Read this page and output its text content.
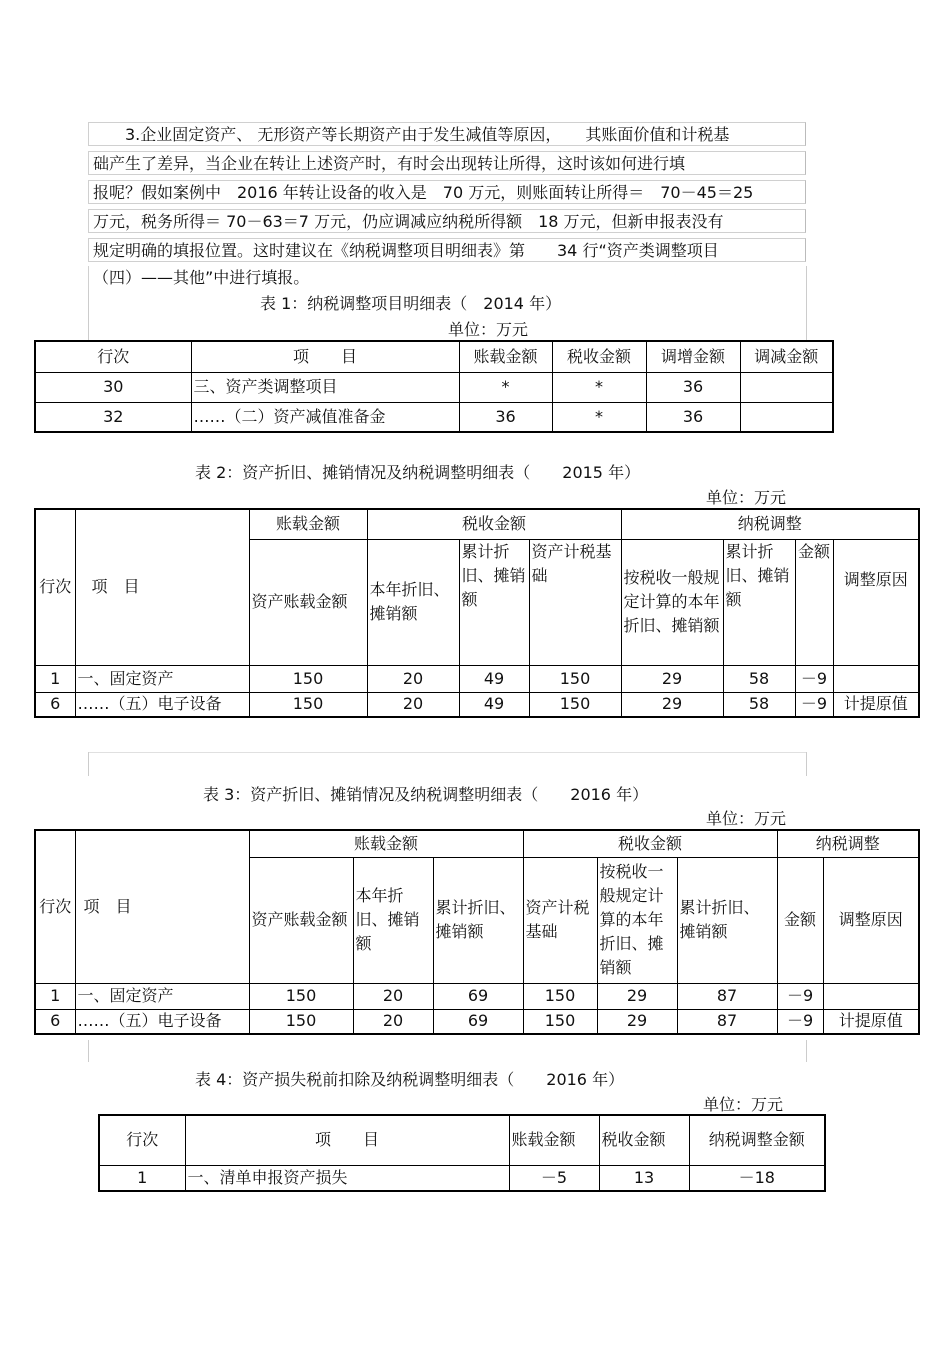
　　3.企业固定资产、 无形资产等长期资产由于发生减值等原因，　　其账面价值和计税基
础产生了差异，当企业在转让上述资产时，有时会出现转让所得，这时该如何进行填
报呢？假如案例中　2016 年转让设备的收入是　70 万元，则账面转让所得＝　70－45＝25
万元，税务所得＝ 70－63＝7 万元，仍应调减应纳税所得额　18 万元，但新申报表没有
规定明确的填报位置。这时建议在《纳税调整项目明细表》第　　34 行“资产类调整项目
（四）——其他”中进行填报。
表 1：纳税调整项目明细表（　2014 年）
单位：万元
行次	项　　目	账载金额	税收金额	调增金额	调减金额
30	三、资产类调整项目	*	*	36	
32	……（二）资产减值准备金	36	*	36	
表 2：资产折旧、摊销情况及纳税调整明细表（　　2015 年）
单位：万元
行次	项　目	账载金额	税收金额			纳税调整			
		资产账载金额	本年折旧、摊销额	累计折旧、摊销额	资产计税基础	按税收一般规定计算的本年折旧、摊销额	累计折旧、摊销额	金额	调整原因
1	一、固定资产	150	20	49	150	29	58	－9	
6	……（五）电子设备	150	20	49	150	29	58	－9	计提原值
表 3：资产折旧、摊销情况及纳税调整明细表（　　2016 年）
单位：万元
行次	项　目	账载金额			税收金额			纳税调整	
		资产账载金额	本年折旧、摊销额	累计折旧、摊销额	资产计税基础	按税收一般规定计算的本年折旧、摊销额	累计折旧、摊销额	金额	调整原因
1	一、固定资产	150	20	69	150	29	87	－9	
6	……（五）电子设备	150	20	69	150	29	87	－9	计提原值
表 4：资产损失税前扣除及纳税调整明细表（　　2016 年）
单位：万元
行次	项　　目	账载金额	税收金额	纳税调整金额
1	一、清单申报资产损失	－5	13	－18
